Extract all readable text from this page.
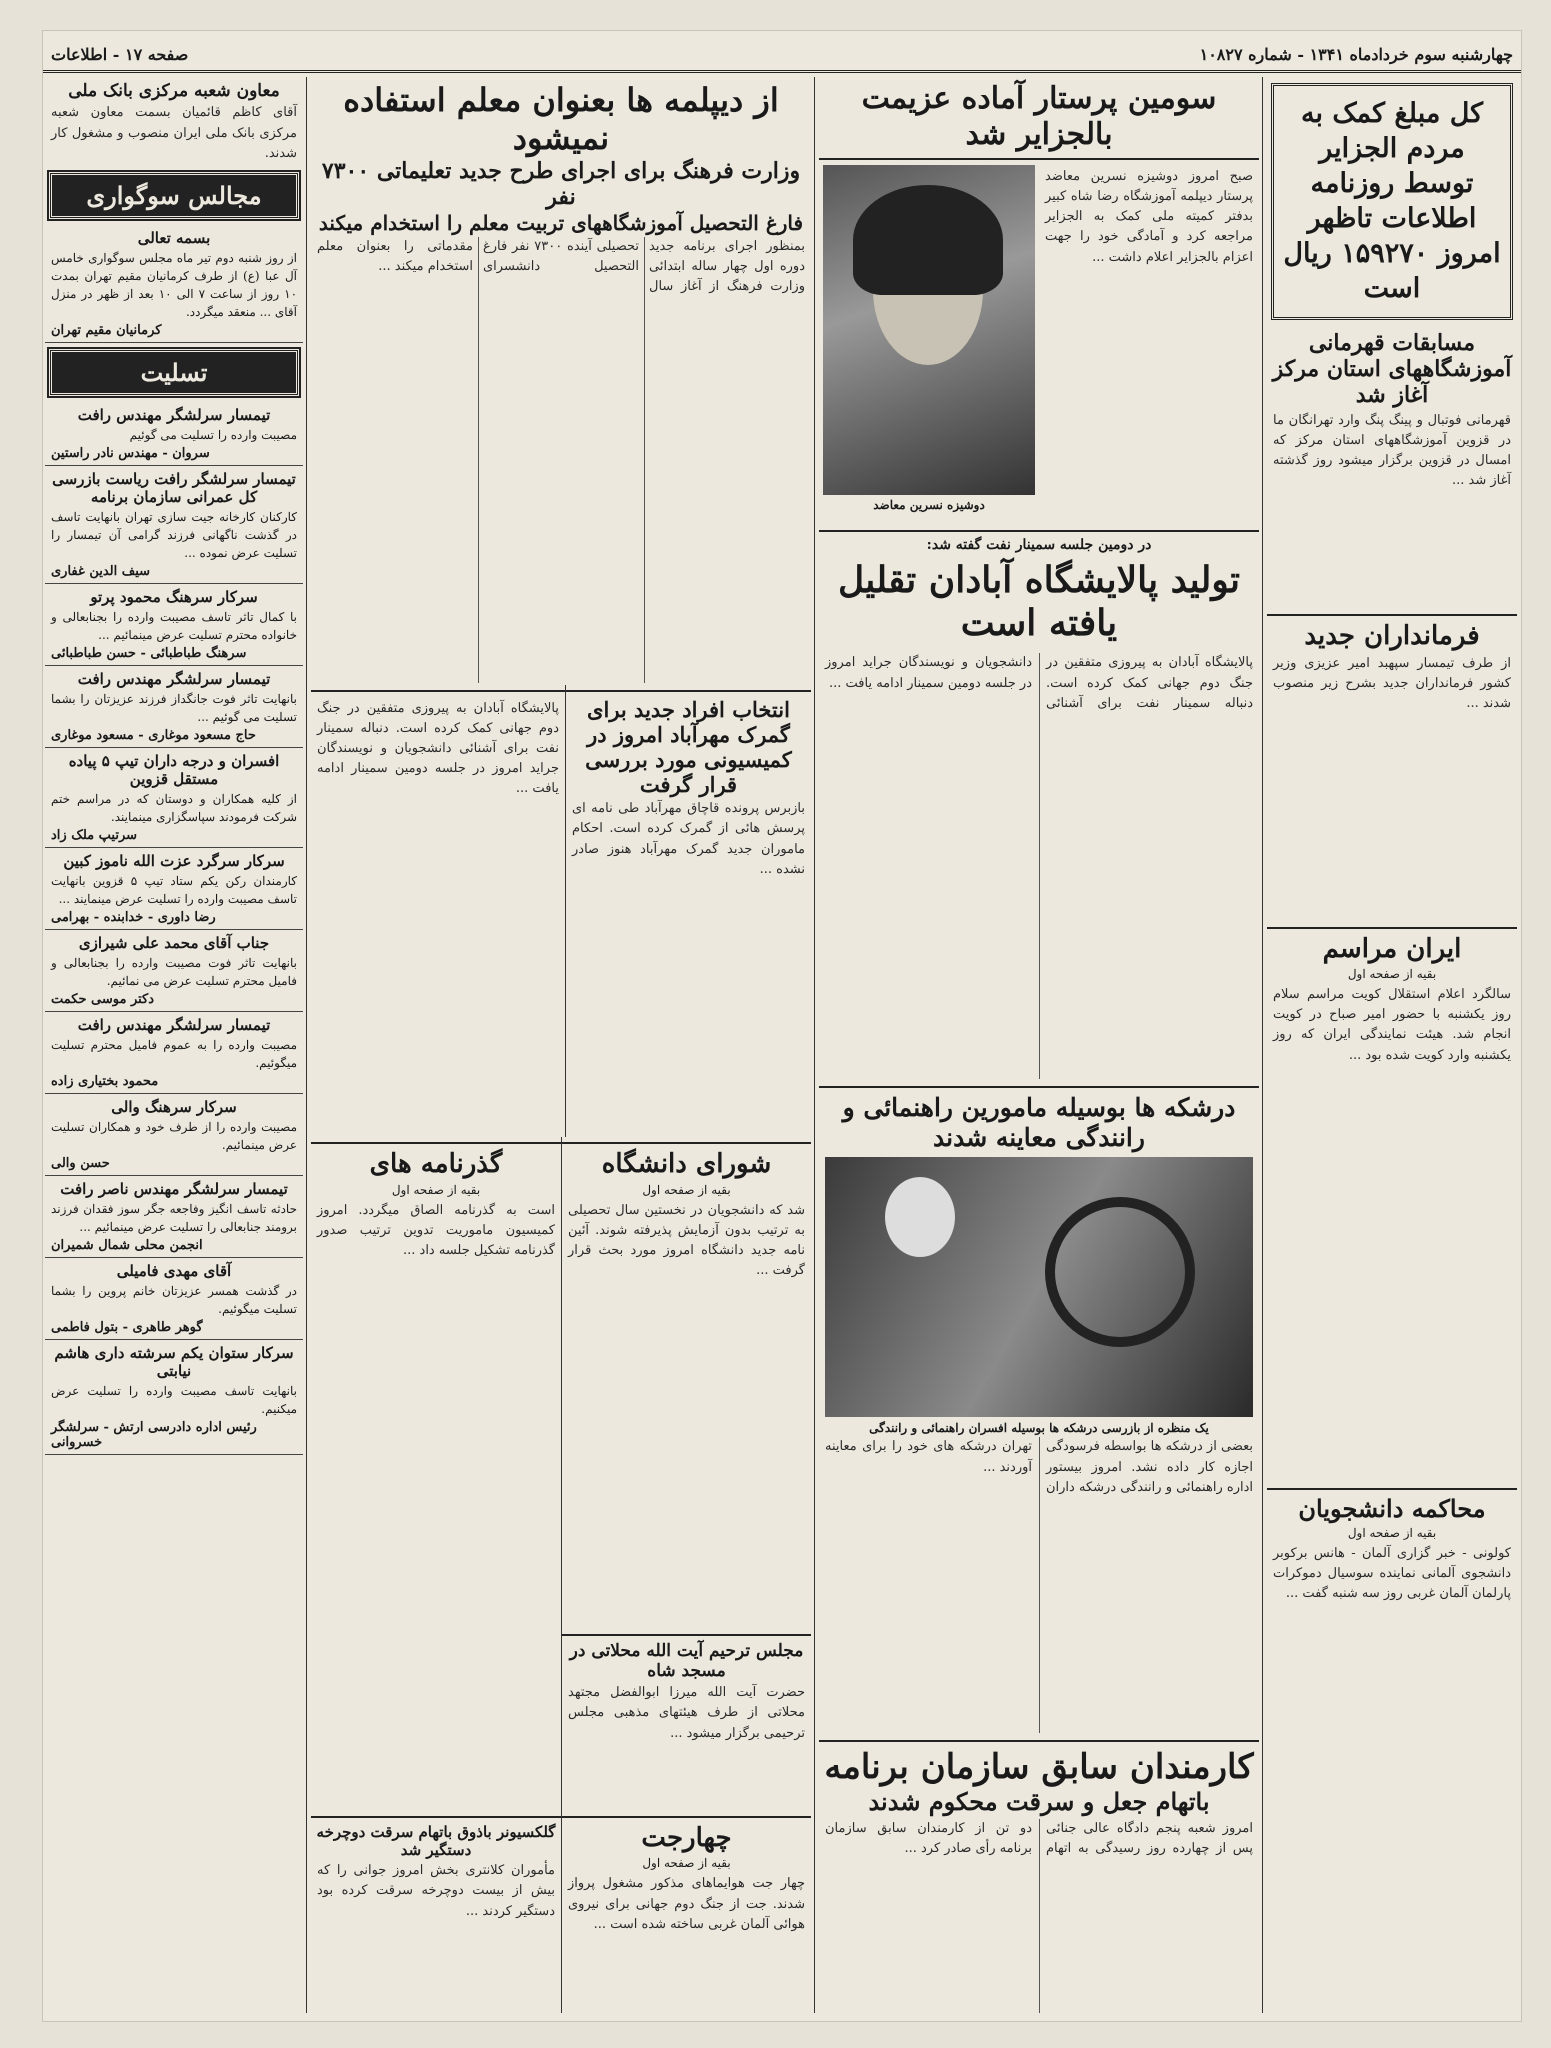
چهارشنبه سوم خردادماه ۱۳۴۱ - شماره ۱۰۸۲۷
صفحه ۱۷ - اطلاعات
کل مبلغ کمک به مردم الجزایر توسط روزنامه اطلاعات تاظهر امروز ۱۵۹۲۷۰ ریال است
مسابقات قهرمانی آموزشگاههای استان مرکز آغاز شد
قهرمانی فوتبال و پینگ پنگ وارد تهرانگان ما در قزوین آموزشگاههای استان مرکز که امسال در قزوین برگزار میشود روز گذشته آغاز شد ...
فرمانداران جدید
از طرف تیمسار سپهبد امیر عزیزی وزیر کشور فرمانداران جدید بشرح زیر منصوب شدند ...
ایران مراسم
بقیه از صفحه اول
سالگرد اعلام استقلال کویت مراسم سلام روز یکشنبه با حضور امیر صباح در کویت انجام شد. هیئت نمایندگی ایران که روز یکشنبه وارد کویت شده بود ...
محاکمه دانشجویان
بقیه از صفحه اول
کولونی - خبر گزاری آلمان - هانس برکوبر دانشجوی آلمانی نماینده سوسیال دموکرات پارلمان آلمان غربی روز سه شنبه گفت ...
سومین پرستار آماده عزیمت بالجزایر شد
صبح امروز دوشیزه نسرین معاضد پرستار دیپلمه آموزشگاه رضا شاه کبیر بدفتر کمیته ملی کمک به الجزایر مراجعه کرد و آمادگی خود را جهت اعزام بالجزایر اعلام داشت ...
دوشیزه نسرین معاضد
در دومین جلسه سمینار نفت گفته شد:
تولید پالایشگاه آبادان تقلیل یافته است
پالایشگاه آبادان به پیروزی متفقین در جنگ دوم جهانی کمک کرده است. دنباله سمینار نفت برای آشنائی دانشجویان و نویسندگان جراید امروز در جلسه دومین سمینار ادامه یافت ...
درشکه ها بوسیله مامورین راهنمائی و رانندگی معاینه شدند
یک منظره از بازرسی درشکه ها بوسیله افسران راهنمائی و رانندگی
بعضی از درشکه ها بواسطه فرسودگی اجازه کار داده نشد. امروز بیستور اداره راهنمائی و رانندگی درشکه داران تهران درشکه های خود را برای معاینه آوردند ...
کارمندان سابق سازمان برنامه
باتهام جعل و سرقت محکوم شدند
امروز شعبه پنجم دادگاه عالی جنائی پس از چهارده روز رسیدگی به اتهام دو تن از کارمندان سابق سازمان برنامه رأی صادر کرد ...
از دیپلمه ها بعنوان معلم استفاده نمیشود
وزارت فرهنگ برای اجرای طرح جدید تعلیماتی ۷۳۰۰ نفر
فارغ التحصیل آموزشگاههای تربیت معلم را استخدام میکند
بمنظور اجرای برنامه جدید دوره اول چهار ساله ابتدائی وزارت فرهنگ از آغاز سال تحصیلی آینده ۷۳۰۰ نفر فارغ التحصیل دانشسرای مقدماتی را بعنوان معلم استخدام میکند ...
انتخاب افراد جدید برای گمرک مهرآباد امروز در کمیسیونی مورد بررسی قرار گرفت
بازبرس پرونده قاچاق مهرآباد طی نامه ای پرسش هائی از گمرک کرده است. احکام ماموران جدید گمرک مهرآباد هنوز صادر نشده ...
پالایشگاه آبادان به پیروزی متفقین در جنگ دوم جهانی کمک کرده است. دنباله سمینار نفت برای آشنائی دانشجویان و نویسندگان جراید امروز در جلسه دومین سمینار ادامه یافت ...
شورای دانشگاه
بقیه از صفحه اول
شد که دانشجویان در نخستین سال تحصیلی به ترتیب بدون آزمایش پذیرفته شوند. آئین نامه جدید دانشگاه امروز مورد بحث قرار گرفت ...
مجلس ترحیم آیت الله محلاتی در مسجد شاه
حضرت آیت الله میرزا ابوالفضل مجتهد محلاتی از طرف هیئتهای مذهبی مجلس ترحیمی برگزار میشود ...
گذرنامه های
بقیه از صفحه اول
است به گذرنامه الصاق میگردد. امروز کمیسیون ماموریت تدوین ترتیب صدور گذرنامه تشکیل جلسه داد ...
چهارجت
بقیه از صفحه اول
چهار جت هوایماهای مذکور مشغول پرواز شدند. جت از جنگ دوم جهانی برای نیروی هوائی آلمان غربی ساخته شده است ...
گلکسیونر باذوق باتهام سرقت دوچرخه دستگیر شد
مأموران کلانتری بخش امروز جوانی را که بیش از بیست دوچرخه سرقت کرده بود دستگیر کردند ...
معاون شعبه مرکزی بانک ملی
آقای کاظم قائمیان بسمت معاون شعبه مرکزی بانک ملی ایران منصوب و مشغول کار شدند.
مجالس سوگواری
بسمه تعالی
از روز شنبه دوم تیر ماه مجلس سوگواری خامس آل عبا (ع) از طرف کرمانیان مقیم تهران بمدت ۱۰ روز از ساعت ۷ الی ۱۰ بعد از ظهر در منزل آقای ... منعقد میگردد.
کرمانیان مقیم تهران
تسلیت
تیمسار سرلشگر مهندس رافت
مصیبت وارده را تسلیت می گوئیم
سروان - مهندس نادر راستین
تیمسار سرلشگر رافت ریاست بازرسی کل عمرانی سازمان برنامه
کارکنان کارخانه جیت سازی تهران بانهایت تاسف در گذشت ناگهانی فرزند گرامی آن تیمسار را تسلیت عرض نموده ...
سیف الدین غفاری
سرکار سرهنگ محمود پرتو
با کمال تاثر تاسف مصیبت وارده را بجنابعالی و خانواده محترم تسلیت عرض مینمائیم ...
سرهنگ طباطبائی - حسن طباطبائی
تیمسار سرلشگر مهندس رافت
بانهایت تاثر فوت جانگداز فرزند عزیزتان را بشما تسلیت می گوئیم ...
حاج مسعود موغاری - مسعود موغاری
افسران و درجه داران تیپ ۵ پیاده مستقل قزوین
از کلیه همکاران و دوستان که در مراسم ختم شرکت فرمودند سپاسگزاری مینمایند.
سرتیپ ملک زاد
سرکار سرگرد عزت الله ناموز کبین
کارمندان رکن یکم ستاد تیپ ۵ قزوین بانهایت تاسف مصیبت وارده را تسلیت عرض مینمایند ...
رضا داوری - خدابنده - بهرامی
جناب آقای محمد علی شیرازی
بانهایت تاثر فوت مصیبت وارده را بجنابعالی و فامیل محترم تسلیت عرض می نمائیم.
دکتر موسی حکمت
تیمسار سرلشگر مهندس رافت
مصیبت وارده را به عموم فامیل محترم تسلیت میگوئیم.
محمود بختیاری زاده
سرکار سرهنگ والی
مصیبت وارده را از طرف خود و همکاران تسلیت عرض مینمائیم.
حسن والی
تیمسار سرلشگر مهندس ناصر رافت
حادثه تاسف انگیز وفاجعه جگر سوز فقدان فرزند برومند جنابعالی را تسلیت عرض مینمائیم ...
انجمن محلی شمال شمیران
آقای مهدی فامیلی
در گذشت همسر عزیزتان خانم پروین را بشما تسلیت میگوئیم.
گوهر طاهری - بتول فاطمی
سرکار ستوان یکم سرشته داری هاشم نیابتی
بانهایت تاسف مصیبت وارده را تسلیت عرض میکنیم.
رئیس اداره دادرسی ارتش - سرلشگر خسروانی
